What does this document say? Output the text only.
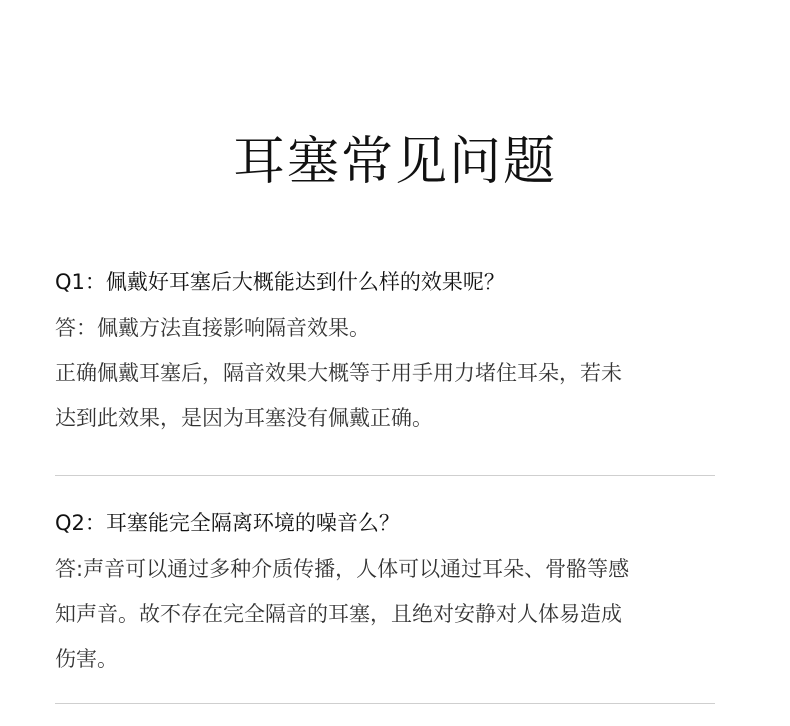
耳塞常见问题

Q1：佩戴好耳塞后大概能达到什么样的效果呢？

答：佩戴方法直接影响隔音效果。

正确佩戴耳塞后，隔音效果大概等于用手用力堵住耳朵，若未

达到此效果，是因为耳塞没有佩戴正确。

Q2：耳塞能完全隔离环境的噪音么？

答:声音可以通过多种介质传播，人体可以通过耳朵、骨骼等感

知声音。故不存在完全隔音的耳塞，且绝对安静对人体易造成

伤害。
